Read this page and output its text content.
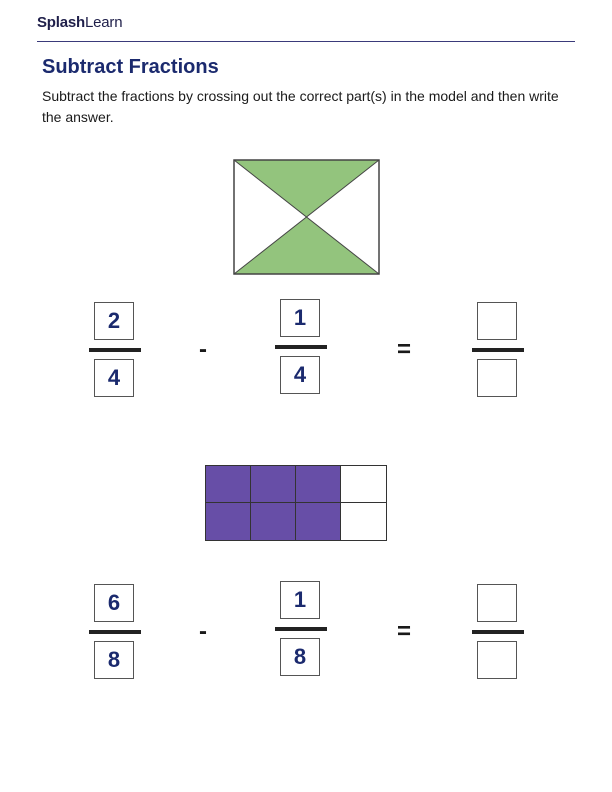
SplashLearn
Subtract Fractions
Subtract the fractions by crossing out the correct part(s) in the model and then write the answer.
2
4
-
1
4
=
6
8
-
1
8
=
